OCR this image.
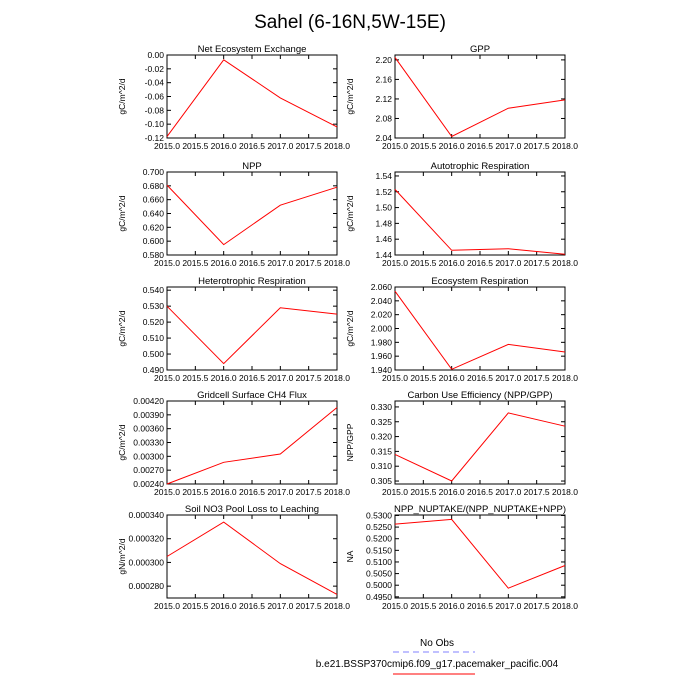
Sahel (6-16N,5W-15E)
Net Ecosystem Exchange
gC/m^2/d
2015.0 2015.5 2016.0 2016.5 2017.0 2017.5 2018.0
0.00
-0.02
-0.04
-0.06
-0.08
-0.10
-0.12
GPP
gC/m^2/d
2015.0 2015.5 2016.0 2016.5 2017.0 2017.5 2018.0
2.20
2.16
2.12
2.08
2.04
NPP
gC/m^2/d
2015.0 2015.5 2016.0 2016.5 2017.0 2017.5 2018.0
0.700
0.680
0.660
0.640
0.620
0.600
0.580
Autotrophic Respiration
gC/m^2/d
2015.0 2015.5 2016.0 2016.5 2017.0 2017.5 2018.0
1.54
1.52
1.50
1.48
1.46
1.44
Heterotrophic Respiration
gC/m^2/d
2015.0 2015.5 2016.0 2016.5 2017.0 2017.5 2018.0
0.540
0.530
0.520
0.510
0.500
0.490
Ecosystem Respiration
gC/m^2/d
2015.0 2015.5 2016.0 2016.5 2017.0 2017.5 2018.0
2.060
2.040
2.020
2.000
1.980
1.960
1.940
Gridcell Surface CH4 Flux
gC/m^2/d
2015.0 2015.5 2016.0 2016.5 2017.0 2017.5 2018.0
0.00420
0.00390
0.00360
0.00330
0.00300
0.00270
0.00240
Carbon Use Efficiency (NPP/GPP)
NPP/GPP
2015.0 2015.5 2016.0 2016.5 2017.0 2017.5 2018.0
0.330
0.325
0.320
0.315
0.310
0.305
Soil NO3 Pool Loss to Leaching
gN/m^2/d
2015.0 2015.5 2016.0 2016.5 2017.0 2017.5 2018.0
0.000340
0.000320
0.000300
0.000280
NPP_NUPTAKE/(NPP_NUPTAKE+NPP)
NA
2015.0 2015.5 2016.0 2016.5 2017.0 2017.5 2018.0
0.5300
0.5250
0.5200
0.5150
0.5100
0.5050
0.5000
0.4950
No Obs
b.e21.BSSP370cmip6.f09_g17.pacemaker_pacific.004
